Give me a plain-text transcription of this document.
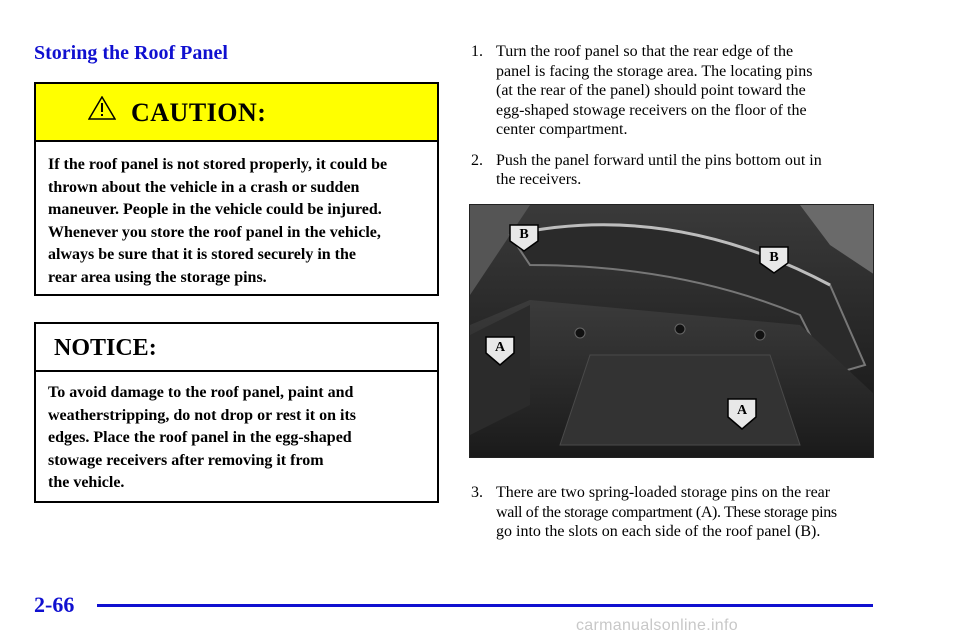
Storing the Roof Panel
CAUTION:
If the roof panel is not stored properly, it could be
thrown about the vehicle in a crash or sudden
maneuver. People in the vehicle could be injured.
Whenever you store the roof panel in the vehicle,
always be sure that it is stored securely in the
rear area using the storage pins.
NOTICE:
To avoid damage to the roof panel, paint and
weatherstripping, do not drop or rest it on its
edges. Place the roof panel in the egg-shaped
stowage receivers after removing it from
the vehicle.
1. Turn the roof panel so that the rear edge of the
panel is facing the storage area. The locating pins
(at the rear of the panel) should point toward the
egg-shaped stowage receivers on the floor of the
center compartment.
2. Push the panel forward until the pins bottom out in
the receivers.
B
B
A
A
3. There are two spring-loaded storage pins on the rear
wall of the storage compartment (A). These storage pins
go into the slots on each side of the roof panel (B).
2-66
carmanualsonline.info
